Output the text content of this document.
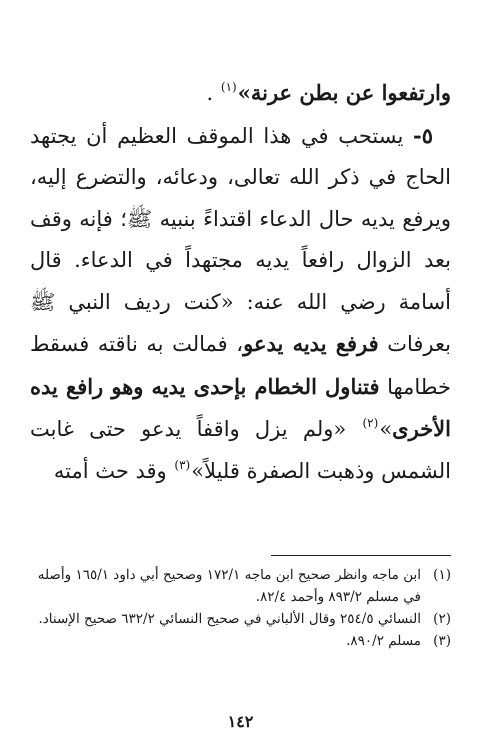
وارتفعوا عن بطن عرنة»$^{(١)}$ .

٥- يستحب في هذا الموقف العظيم أن يجتهد الحاج في ذكر الله تعالى، ودعائه، والتضرع إليه، ويرفع يديه حال الدعاء اقتداءً بنبيه ﷺ؛ فإنه وقف بعد الزوال رافعاً يديه مجتهداً في الدعاء. قال أسامة رضي الله عنه: «كنت رديف النبي ﷺ بعرفات فرفع يديه يدعو، فمالت به ناقته فسقط خطامها فتناول الخطام بإحدى يديه وهو رافع يده الأخرى»$^{(٢)}$ «ولم يزل واقفاً يدعو حتى غابت الشمس وذهبت الصفرة قليلاً»$^{(٣)}$ وقد حث أمته

(١)
ابن ماجه وانظر صحيح ابن ماجه ١٧٢/١ وصحيح أبي داود ١٦٥/١ وأصله في مسلم ٨٩٣/٢ وأحمد ٨٢/٤.
(٢)
النسائي ٢٥٤/٥ وقال الألباني في صحيح النسائي ٦٣٢/٢ صحيح الإسناد.
(٣)
مسلم ٨٩٠/٢.
١٤٢
